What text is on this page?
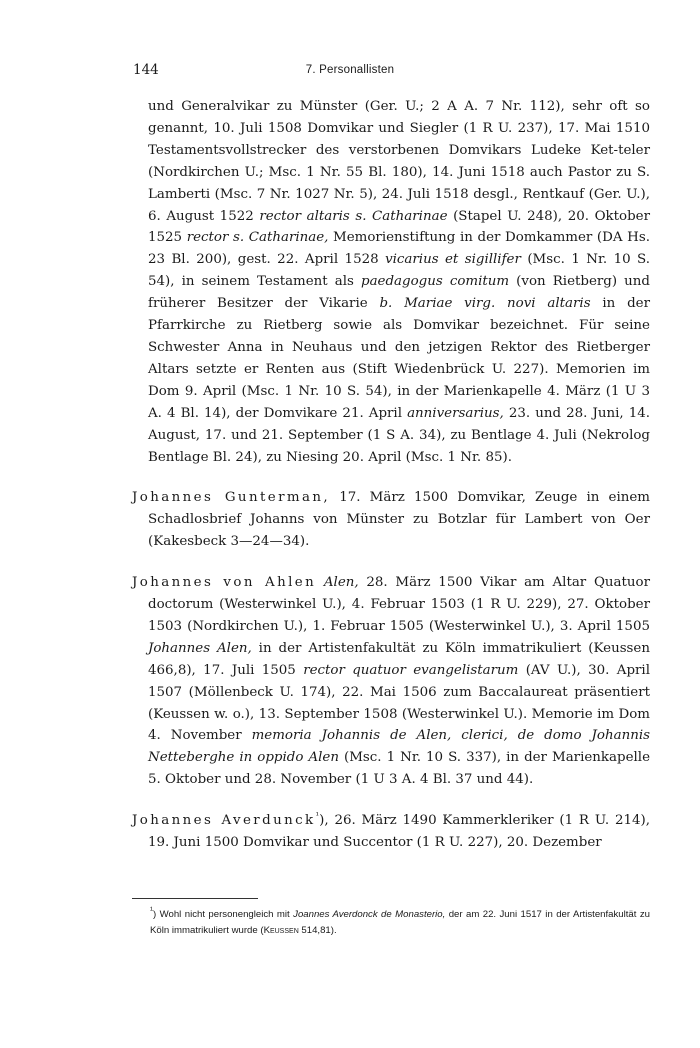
144	7. Personallisten

und Generalvikar zu Münster (Ger. U.; 2 A A. 7 Nr. 112), sehr oft so genannt, 10. Juli 1508 Domvikar und Siegler (1 R U. 237), 17. Mai 1510 Testamentsvollstrecker des verstorbenen Domvikars Ludeke Ket-teler (Nordkirchen U.; Msc. 1 Nr. 55 Bl. 180), 14. Juni 1518 auch Pastor zu S. Lamberti (Msc. 7 Nr. 1027 Nr. 5), 24. Juli 1518 desgl., Rentkauf (Ger. U.), 6. August 1522 rector altaris s. Catharinae (Stapel U. 248), 20. Oktober 1525 rector s. Catharinae, Memorienstiftung in der Domkammer (DA Hs. 23 Bl. 200), gest. 22. April 1528 vicarius et sigillifer (Msc. 1 Nr. 10 S. 54), in seinem Testament als paedagogus comitum (von Rietberg) und früherer Besitzer der Vikarie b. Mariae virg. novi altaris in der Pfarrkirche zu Rietberg sowie als Domvikar bezeichnet. Für seine Schwester Anna in Neuhaus und den jetzigen Rektor des Rietberger Altars setzte er Renten aus (Stift Wiedenbrück U. 227). Memorien im Dom 9. April (Msc. 1 Nr. 10 S. 54), in der Marienkapelle 4. März (1 U 3 A. 4 Bl. 14), der Domvikare 21. April anniversarius, 23. und 28. Juni, 14. August, 17. und 21. September (1 S A. 34), zu Bentlage 4. Juli (Nekrolog Bentlage Bl. 24), zu Niesing 20. April (Msc. 1 Nr. 85).

Johannes Gunterman, 17. März 1500 Domvikar, Zeuge in einem Schadlosbrief Johanns von Münster zu Botzlar für Lambert von Oer (Kakesbeck 3—24—34).

Johannes von Ahlen Alen, 28. März 1500 Vikar am Altar Quatuor doctorum (Westerwinkel U.), 4. Februar 1503 (1 R U. 229), 27. Oktober 1503 (Nordkirchen U.), 1. Februar 1505 (Westerwinkel U.), 3. April 1505 Johannes Alen, in der Artistenfakultät zu Köln immatrikuliert (Keussen 466,8), 17. Juli 1505 rector quatuor evangelistarum (AV U.), 30. April 1507 (Möllenbeck U. 174), 22. Mai 1506 zum Baccalaureat präsentiert (Keussen w. o.), 13. September 1508 (Westerwinkel U.). Memorie im Dom 4. November memoria Johannis de Alen, clerici, de domo Johannis Netteberghe in oppido Alen (Msc. 1 Nr. 10 S. 337), in der Marienkapelle 5. Oktober und 28. November (1 U 3 A. 4 Bl. 37 und 44).

Johannes Averdunck$^{^1}$), 26. März 1490 Kammerkleriker (1 R U. 214), 19. Juni 1500 Domvikar und Succentor (1 R U. 227), 20. Dezember

$^{^1}$) Wohl nicht personengleich mit Joannes Averdonck de Monasterio, der am 22. Juni 1517 in der Artistenfakultät zu Köln immatrikuliert wurde (Keussen 514,81).
